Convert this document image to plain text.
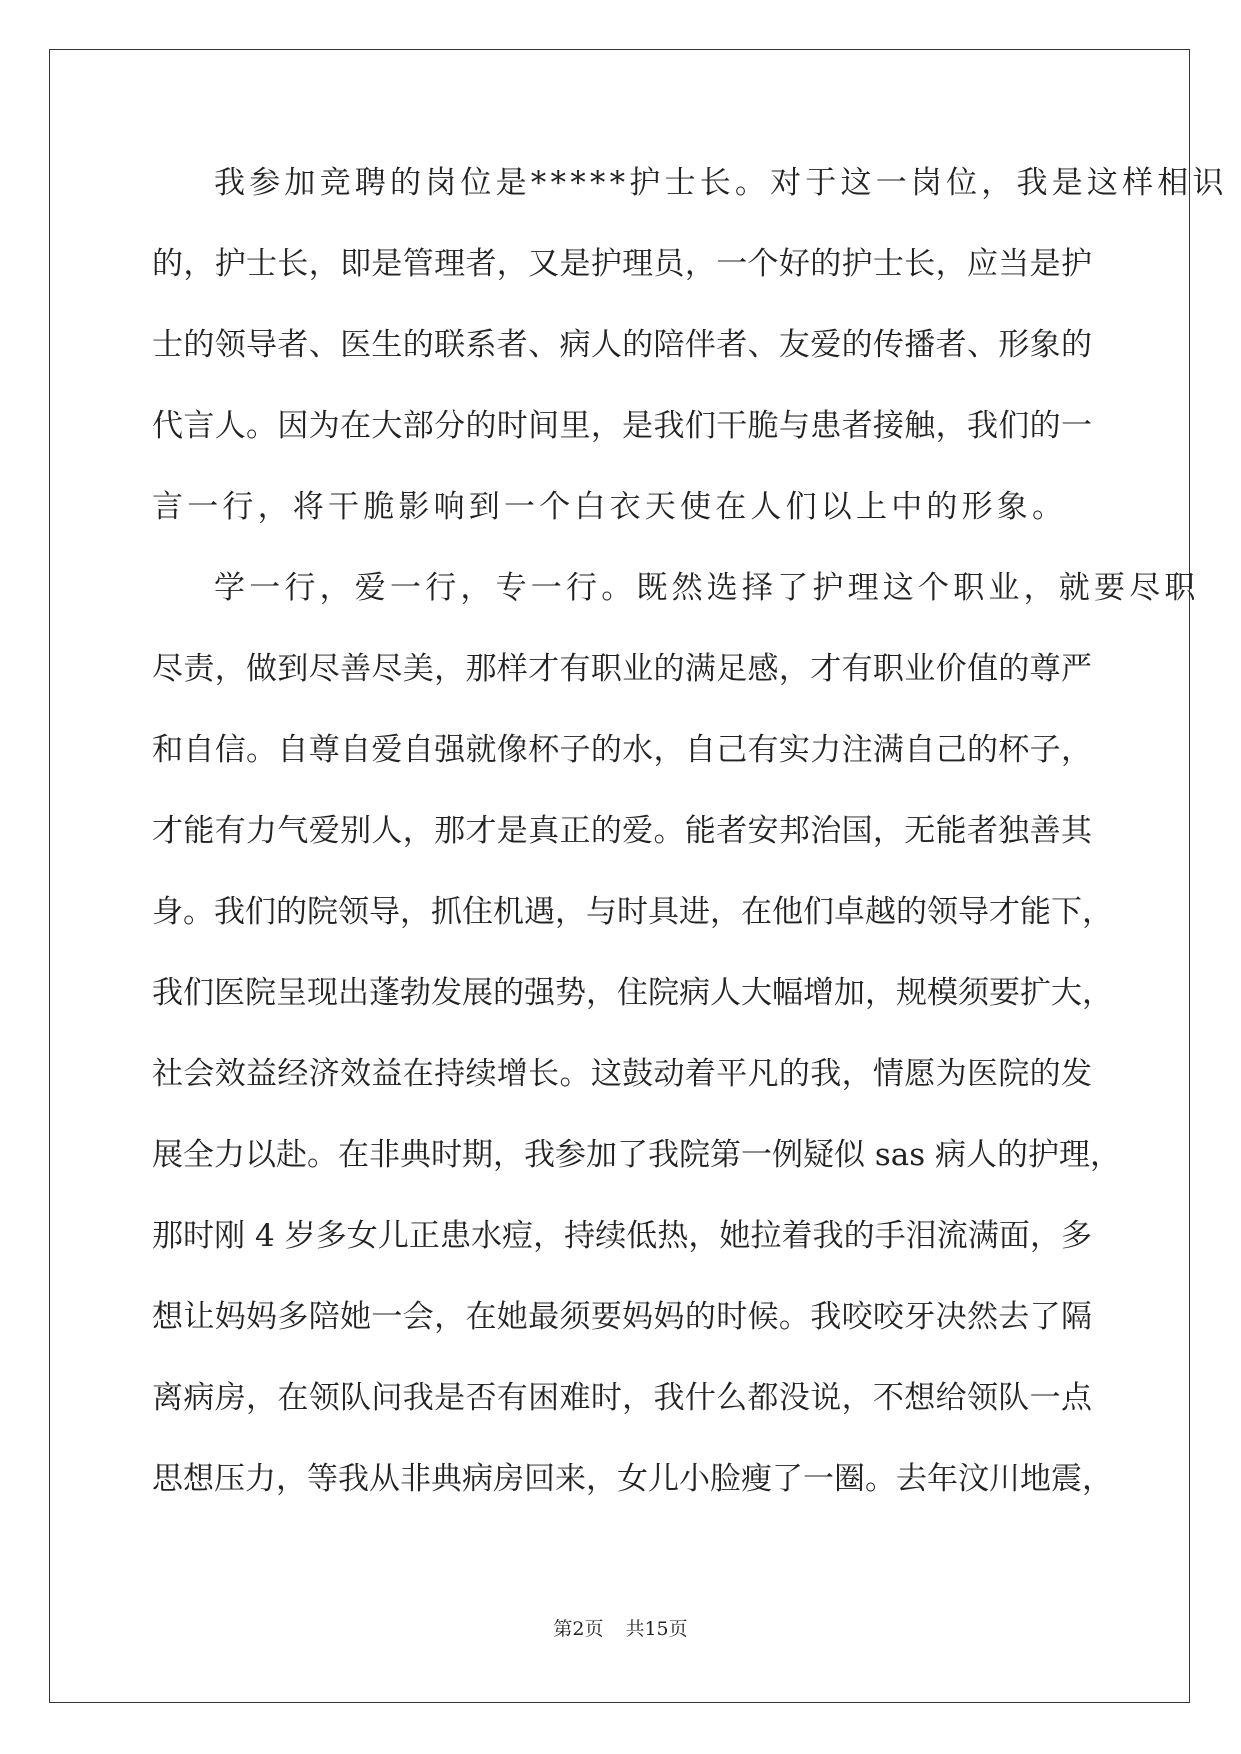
我参加竞聘的岗位是*****护士长。对于这一岗位，我是这样相识
的，护士长，即是管理者，又是护理员，一个好的护士长，应当是护
士的领导者、医生的联系者、病人的陪伴者、友爱的传播者、形象的
代言人。因为在大部分的时间里，是我们干脆与患者接触，我们的一
言一行，将干脆影响到一个白衣天使在人们以上中的形象。
学一行，爱一行，专一行。既然选择了护理这个职业，就要尽职
尽责，做到尽善尽美，那样才有职业的满足感，才有职业价值的尊严
和自信。自尊自爱自强就像杯子的水，自己有实力注满自己的杯子，
才能有力气爱别人，那才是真正的爱。能者安邦治国，无能者独善其
身。我们的院领导，抓住机遇，与时具进，在他们卓越的领导才能下，
我们医院呈现出蓬勃发展的强势，住院病人大幅增加，规模须要扩大，
社会效益经济效益在持续增长。这鼓动着平凡的我，情愿为医院的发
展全力以赴。在非典时期，我参加了我院第一例疑似 sas 病人的护理，
那时刚 4 岁多女儿正患水痘，持续低热，她拉着我的手泪流满面，多
想让妈妈多陪她一会，在她最须要妈妈的时候。我咬咬牙决然去了隔
离病房，在领队问我是否有困难时，我什么都没说，不想给领队一点
思想压力，等我从非典病房回来，女儿小脸瘦了一圈。去年汶川地震，
第2页 共15页
